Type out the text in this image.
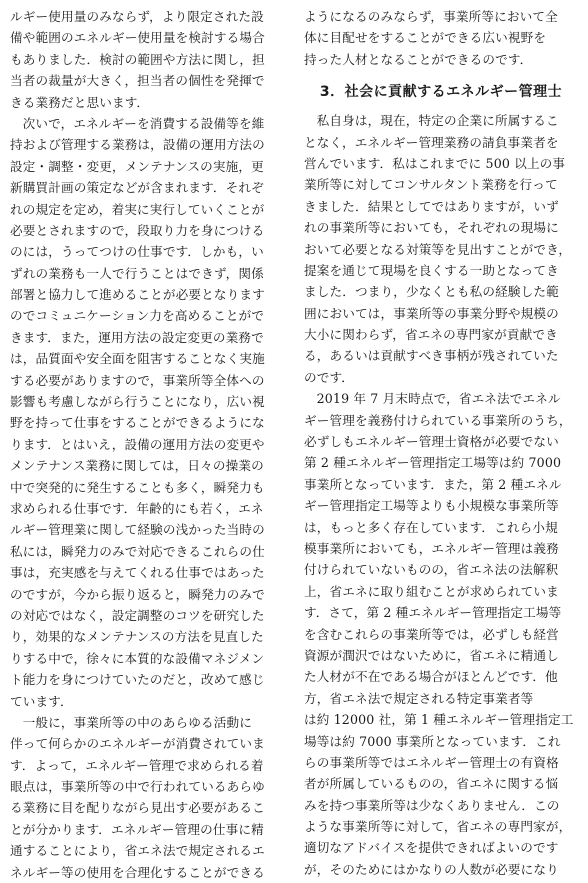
ルギー使用量のみならず，より限定された設
備や範囲のエネルギー使用量を検討する場合
もありました．検討の範囲や方法に関し，担
当者の裁量が大きく，担当者の個性を発揮で
きる業務だと思います．
次いで，エネルギーを消費する設備等を維
持および管理する業務は，設備の運用方法の
設定・調整・変更，メンテナンスの実施，更
新購買計画の策定などが含まれます．それぞ
れの規定を定め，着実に実行していくことが
必要とされますので，段取り力を身につける
のには，うってつけの仕事です．しかも，い
ずれの業務も一人で行うことはできず，関係
部署と協力して進めることが必要となります
のでコミュニケーション力を高めることがで
きます．また，運用方法の設定変更の業務で
は，品質面や安全面を阻害することなく実施
する必要がありますので，事業所等全体への
影響も考慮しながら行うことになり，広い視
野を持って仕事をすることができるようにな
ります．とはいえ，設備の運用方法の変更や
メンテナンス業務に関しては，日々の操業の
中で突発的に発生することも多く，瞬発力も
求められる仕事です．年齢的にも若く，エネ
ルギー管理業に関して経験の浅かった当時の
私には，瞬発力のみで対応できるこれらの仕
事は，充実感を与えてくれる仕事ではあった
のですが，今から振り返ると，瞬発力のみで
の対応ではなく，設定調整のコツを研究した
り，効果的なメンテナンスの方法を見直した
りする中で，徐々に本質的な設備マネジメン
ト能力を身につけていたのだと，改めて感じ
ています．
一般に，事業所等の中のあらゆる活動に
伴って何らかのエネルギーが消費されていま
す．よって，エネルギー管理で求められる着
眼点は，事業所等の中で行われているあらゆ
る業務に目を配りながら見出す必要があるこ
とが分かります．エネルギー管理の仕事に精
通することにより，省エネ法で規定されるエ
ネルギー等の使用を合理化することができる
ようになるのみならず，事業所等において全
体に目配せをすることができる広い視野を
持った人材となることができるのです．
3．社会に貢献するエネルギー管理士
私自身は，現在，特定の企業に所属するこ
となく，エネルギー管理業務の請負事業者を
営んでいます．私はこれまでに 500 以上の事
業所等に対してコンサルタント業務を行って
きました．結果としてではありますが，いず
れの事業所等においても，それぞれの現場に
おいて必要となる対策等を見出すことができ，
提案を通じて現場を良くする一助となってき
ました．つまり，少なくとも私の経験した範
囲においては，事業所等の事業分野や規模の
大小に関わらず，省エネの専門家が貢献でき
る，あるいは貢献すべき事柄が残されていた
のです．
2019 年 7 月末時点で，省エネ法でエネル
ギー管理を義務付けられている事業所のうち，
必ずしもエネルギー管理士資格が必要でない
第 2 種エネルギー管理指定工場等は約 7000
事業所となっています．また，第 2 種エネル
ギー管理指定工場等よりも小規模な事業所等
は，もっと多く存在しています．これら小規
模事業所においても，エネルギー管理は義務
付けられていないものの，省エネ法の法解釈
上，省エネに取り組むことが求められていま
す．さて，第 2 種エネルギー管理指定工場等
を含むこれらの事業所等では，必ずしも経営
資源が潤沢ではないために，省エネに精通し
た人材が不在である場合がほとんどです．他
方，省エネ法で規定される特定事業者等
は約 12000 社，第 1 種エネルギー管理指定工
場等は約 7000 事業所となっています．これ
らの事業所等ではエネルギー管理士の有資格
者が所属しているものの，省エネに関する悩
みを持つ事業所等は少なくありません．この
ような事業所等に対して，省エネの専門家が，
適切なアドバイスを提供できればよいのです
が，そのためにはかなりの人数が必要になり
